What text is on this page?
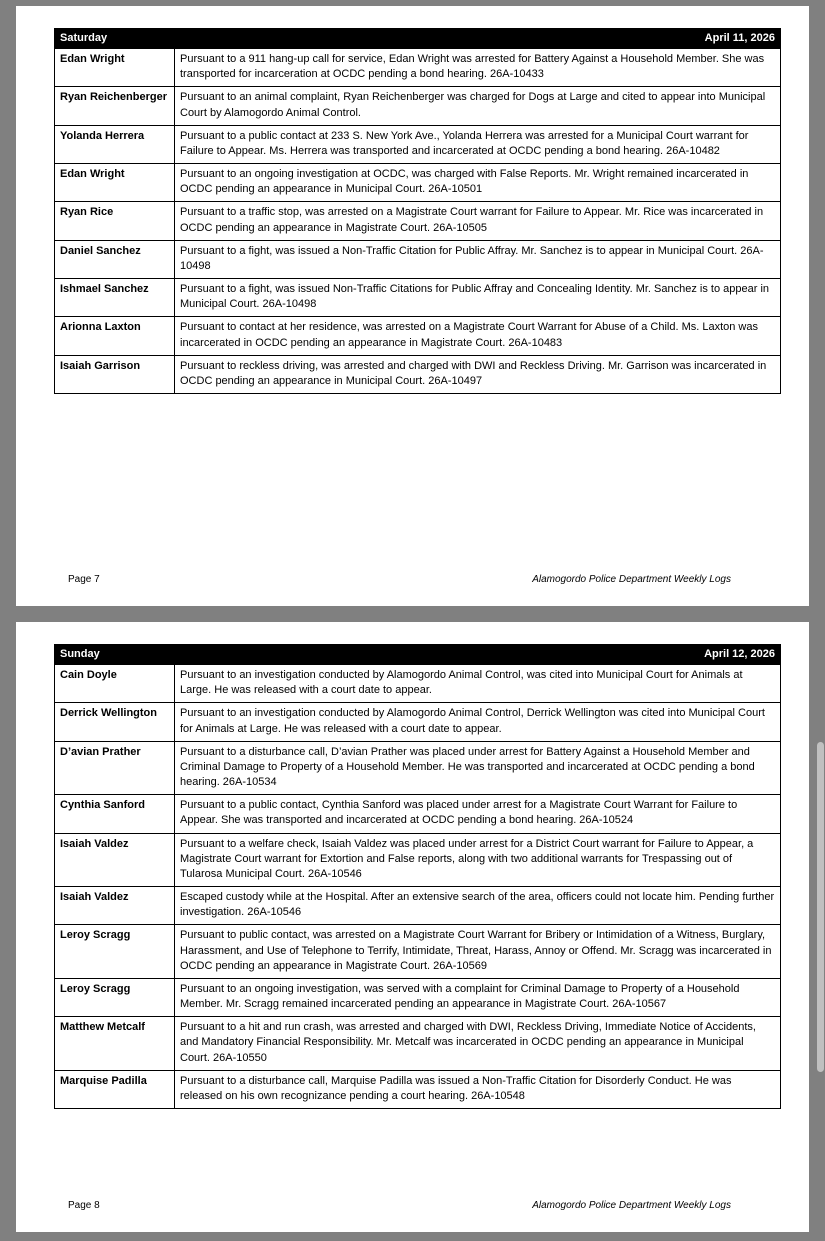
Saturday	April 11, 2026
Edan Wright	Pursuant to a 911 hang-up call for service, Edan Wright was arrested for Battery Against a Household Member. She was transported for incarceration at OCDC pending a bond hearing. 26A-10433
Ryan Reichenberger	Pursuant to an animal complaint, Ryan Reichenberger was charged for Dogs at Large and cited to appear into Municipal Court by Alamogordo Animal Control.
Yolanda Herrera	Pursuant to a public contact at 233 S. New York Ave., Yolanda Herrera was arrested for a Municipal Court warrant for Failure to Appear. Ms. Herrera was transported and incarcerated at OCDC pending a bond hearing. 26A-10482
Edan Wright	Pursuant to an ongoing investigation at OCDC, was charged with False Reports. Mr. Wright remained incarcerated in OCDC pending an appearance in Municipal Court. 26A-10501
Ryan Rice	Pursuant to a traffic stop, was arrested on a Magistrate Court warrant for Failure to Appear. Mr. Rice was incarcerated in OCDC pending an appearance in Magistrate Court. 26A-10505
Daniel Sanchez	Pursuant to a fight, was issued a Non-Traffic Citation for Public Affray. Mr. Sanchez is to appear in Municipal Court. 26A-10498
Ishmael Sanchez	Pursuant to a fight, was issued Non-Traffic Citations for Public Affray and Concealing Identity. Mr. Sanchez is to appear in Municipal Court. 26A-10498
Arionna Laxton	Pursuant to contact at her residence, was arrested on a Magistrate Court Warrant for Abuse of a Child. Ms. Laxton was incarcerated in OCDC pending an appearance in Magistrate Court. 26A-10483
Isaiah Garrison	Pursuant to reckless driving, was arrested and charged with DWI and Reckless Driving. Mr. Garrison was incarcerated in OCDC pending an appearance in Municipal Court. 26A-10497
Page 7	Alamogordo Police Department Weekly Logs
Sunday	April 12, 2026
Cain Doyle	Pursuant to an investigation conducted by Alamogordo Animal Control, was cited into Municipal Court for Animals at Large. He was released with a court date to appear.
Derrick Wellington	Pursuant to an investigation conducted by Alamogordo Animal Control, Derrick Wellington was cited into Municipal Court for Animals at Large. He was released with a court date to appear.
D’avian Prather	Pursuant to a disturbance call, D’avian Prather was placed under arrest for Battery Against a Household Member and Criminal Damage to Property of a Household Member. He was transported and incarcerated at OCDC pending a bond hearing. 26A-10534
Cynthia Sanford	Pursuant to a public contact, Cynthia Sanford was placed under arrest for a Magistrate Court Warrant for Failure to Appear. She was transported and incarcerated at OCDC pending a bond hearing. 26A-10524
Isaiah Valdez	Pursuant to a welfare check, Isaiah Valdez was placed under arrest for a District Court warrant for Failure to Appear, a Magistrate Court warrant for Extortion and False reports, along with two additional warrants for Trespassing out of Tularosa Municipal Court. 26A-10546
Isaiah Valdez	Escaped custody while at the Hospital. After an extensive search of the area, officers could not locate him. Pending further investigation. 26A-10546
Leroy Scragg	Pursuant to public contact, was arrested on a Magistrate Court Warrant for Bribery or Intimidation of a Witness, Burglary, Harassment, and Use of Telephone to Terrify, Intimidate, Threat, Harass, Annoy or Offend. Mr. Scragg was incarcerated in OCDC pending an appearance in Magistrate Court. 26A-10569
Leroy Scragg	Pursuant to an ongoing investigation, was served with a complaint for Criminal Damage to Property of a Household Member. Mr. Scragg remained incarcerated pending an appearance in Magistrate Court. 26A-10567
Matthew Metcalf	Pursuant to a hit and run crash, was arrested and charged with DWI, Reckless Driving, Immediate Notice of Accidents, and Mandatory Financial Responsibility. Mr. Metcalf was incarcerated in OCDC pending an appearance in Municipal Court. 26A-10550
Marquise Padilla	Pursuant to a disturbance call, Marquise Padilla was issued a Non-Traffic Citation for Disorderly Conduct. He was released on his own recognizance pending a court hearing. 26A-10548
Page 8	Alamogordo Police Department Weekly Logs
